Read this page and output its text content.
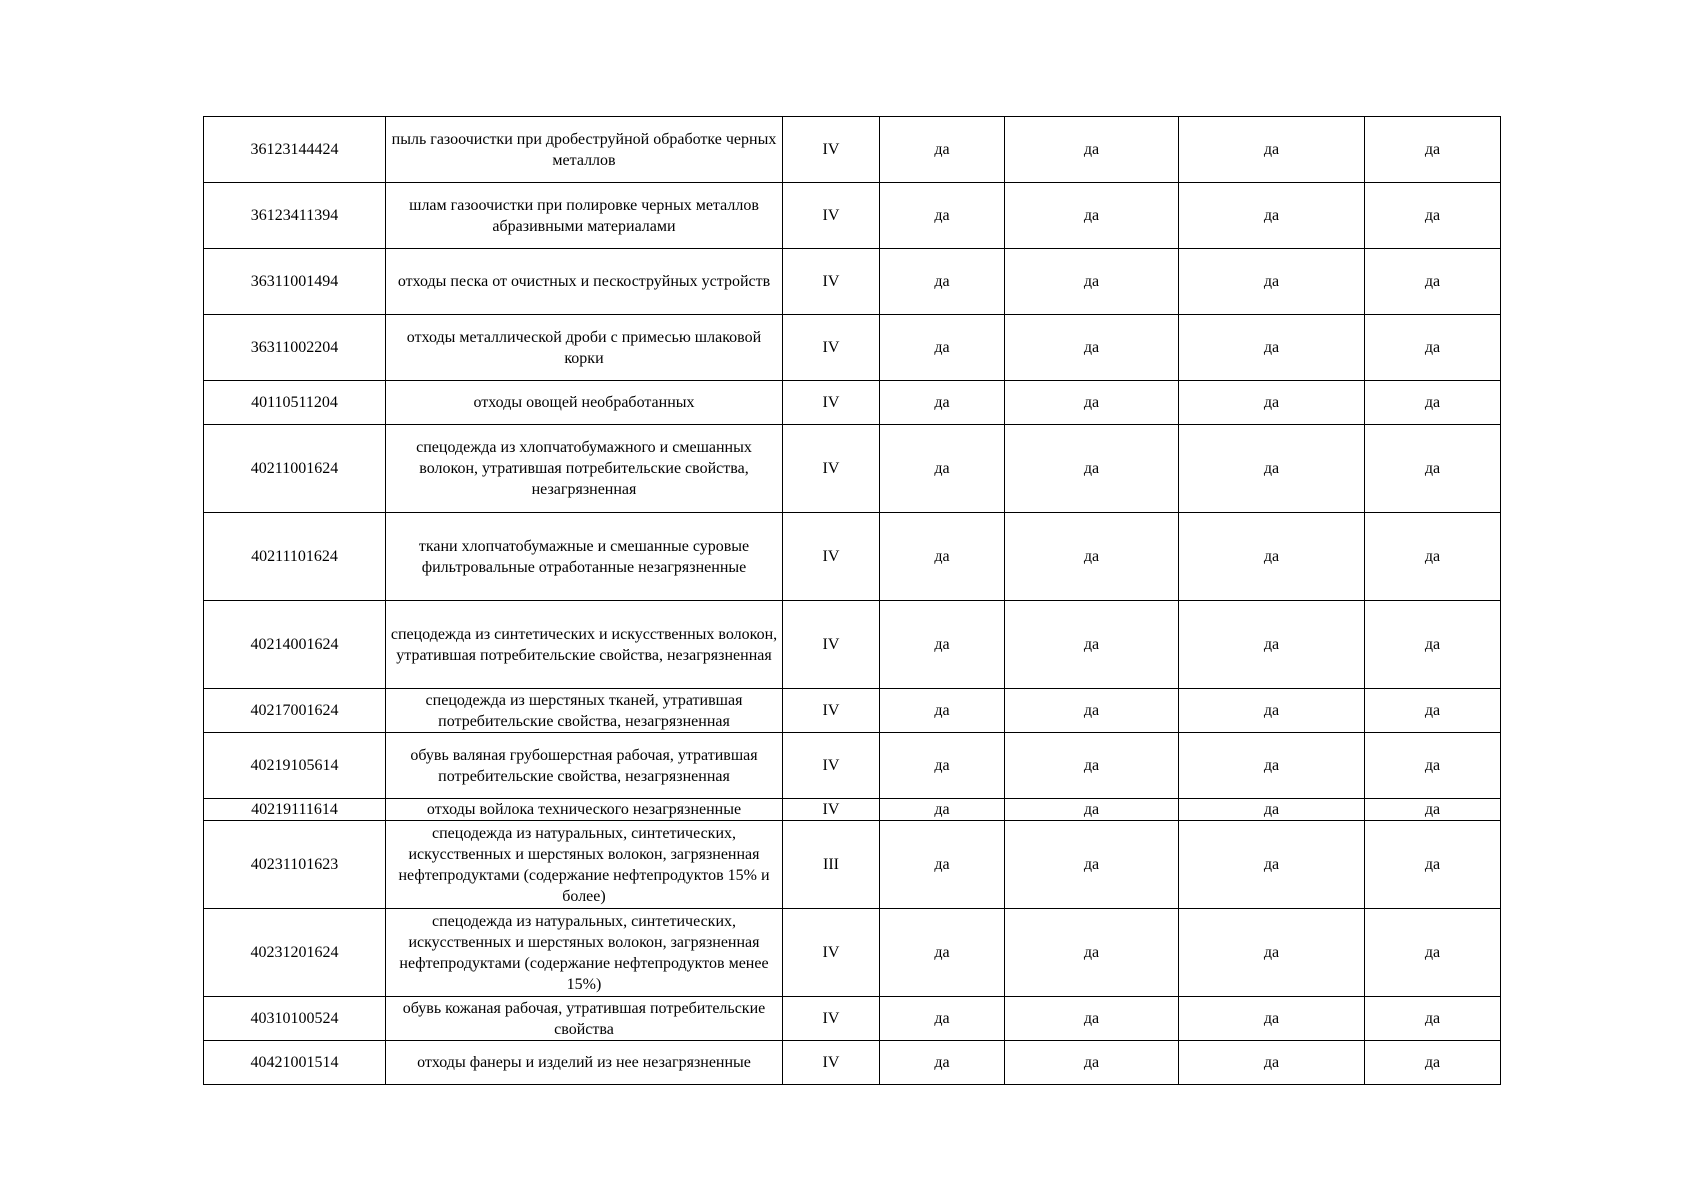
36123144424	пыль газоочистки при дробеструйной обработке черных металлов	IV	да	да	да	да
36123411394	шлам газоочистки при полировке черных металлов абразивными материалами	IV	да	да	да	да
36311001494	отходы песка от очистных и пескоструйных устройств	IV	да	да	да	да
36311002204	отходы металлической дроби с примесью шлаковой корки	IV	да	да	да	да
40110511204	отходы овощей необработанных	IV	да	да	да	да
40211001624	спецодежда из хлопчатобумажного и смешанных волокон, утратившая потребительские свойства, незагрязненная	IV	да	да	да	да
40211101624	ткани хлопчатобумажные и смешанные суровые фильтровальные отработанные незагрязненные	IV	да	да	да	да
40214001624	спецодежда из синтетических и искусственных волокон, утратившая потребительские свойства, незагрязненная	IV	да	да	да	да
40217001624	спецодежда из шерстяных тканей, утратившая потребительские свойства, незагрязненная	IV	да	да	да	да
40219105614	обувь валяная грубошерстная рабочая, утратившая потребительские свойства, незагрязненная	IV	да	да	да	да
40219111614	отходы войлока технического незагрязненные	IV	да	да	да	да
40231101623	спецодежда из натуральных, синтетических, искусственных и шерстяных волокон, загрязненная нефтепродуктами (содержание нефтепродуктов 15% и более)	III	да	да	да	да
40231201624	спецодежда из натуральных, синтетических, искусственных и шерстяных волокон, загрязненная нефтепродуктами (содержание нефтепродуктов менее 15%)	IV	да	да	да	да
40310100524	обувь кожаная рабочая, утратившая потребительские свойства	IV	да	да	да	да
40421001514	отходы фанеры и изделий из нее незагрязненные	IV	да	да	да	да
